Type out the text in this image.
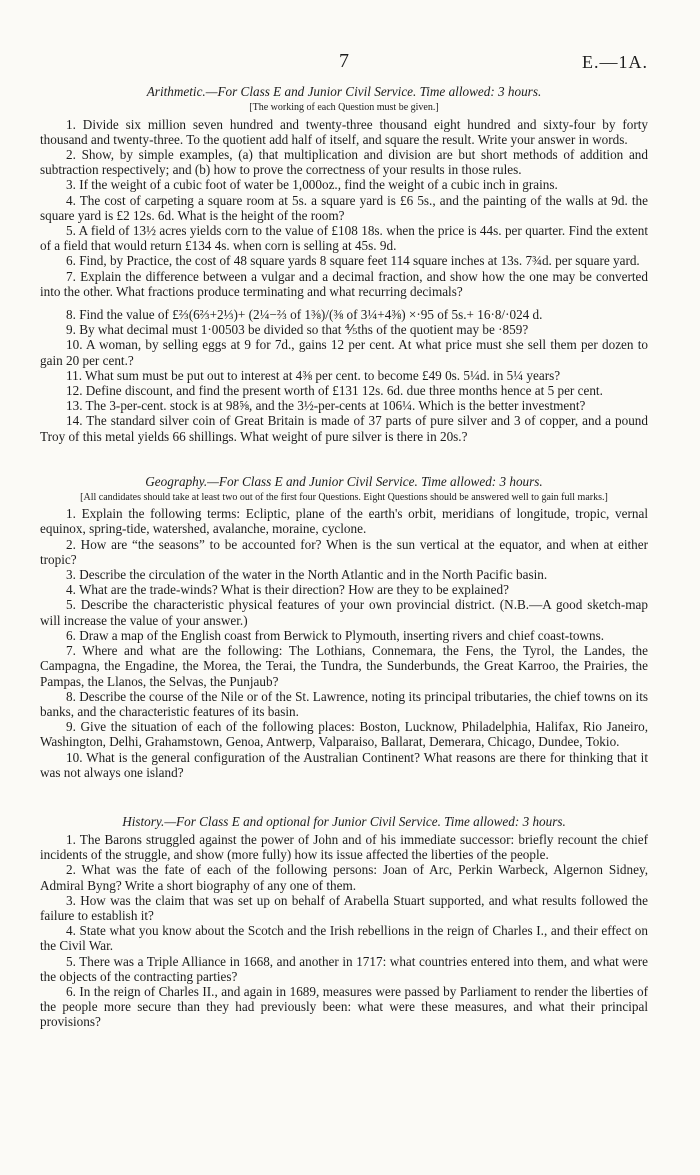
7	E.—1A.

Arithmetic.—For Class E and Junior Civil Service. Time allowed: 3 hours.

[The working of each Question must be given.]

1. Divide six million seven hundred and twenty-three thousand eight hundred and sixty-four by forty thousand and twenty-three. To the quotient add half of itself, and square the result. Write your answer in words.

2. Show, by simple examples, (a) that multiplication and division are but short methods of addition and subtraction respectively; and (b) how to prove the correctness of your results in those rules.

3. If the weight of a cubic foot of water be 1,000oz., find the weight of a cubic inch in grains.

4. The cost of carpeting a square room at 5s. a square yard is £6 5s., and the painting of the walls at 9d. the square yard is £2 12s. 6d. What is the height of the room?

5. A field of 13½ acres yields corn to the value of £108 18s. when the price is 44s. per quarter. Find the extent of a field that would return £134 4s. when corn is selling at 45s. 9d.

6. Find, by Practice, the cost of 48 square yards 8 square feet 114 square inches at 13s. 7¾d. per square yard.

7. Explain the difference between a vulgar and a decimal fraction, and show how the one may be converted into the other. What fractions produce terminating and what recurring decimals?

8. Find the value of £⅔(6⅔+2⅓)+ (2¼−⅔ of 1⅜)/(⅜ of 3¼+4⅜) ×·95 of 5s.+ 16·8/·024 d.

9. By what decimal must 1·00503 be divided so that ⅘ths of the quotient may be ·859?

10. A woman, by selling eggs at 9 for 7d., gains 12 per cent. At what price must she sell them per dozen to gain 20 per cent.?

11. What sum must be put out to interest at 4⅜ per cent. to become £49 0s. 5¼d. in 5¼ years?

12. Define discount, and find the present worth of £131 12s. 6d. due three months hence at 5 per cent.

13. The 3-per-cent. stock is at 98⅝, and the 3½-per-cents at 106¼. Which is the better investment?

14. The standard silver coin of Great Britain is made of 37 parts of pure silver and 3 of copper, and a pound Troy of this metal yields 66 shillings. What weight of pure silver is there in 20s.?

Geography.—For Class E and Junior Civil Service. Time allowed: 3 hours.

[All candidates should take at least two out of the first four Questions. Eight Questions should be answered well to gain full marks.]

1. Explain the following terms: Ecliptic, plane of the earth's orbit, meridians of longitude, tropic, vernal equinox, spring-tide, watershed, avalanche, moraine, cyclone.

2. How are “the seasons” to be accounted for? When is the sun vertical at the equator, and when at either tropic?

3. Describe the circulation of the water in the North Atlantic and in the North Pacific basin.

4. What are the trade-winds? What is their direction? How are they to be explained?

5. Describe the characteristic physical features of your own provincial district. (N.B.—A good sketch-map will increase the value of your answer.)

6. Draw a map of the English coast from Berwick to Plymouth, inserting rivers and chief coast-towns.

7. Where and what are the following: The Lothians, Connemara, the Fens, the Tyrol, the Landes, the Campagna, the Engadine, the Morea, the Terai, the Tundra, the Sunderbunds, the Great Karroo, the Prairies, the Pampas, the Llanos, the Selvas, the Punjaub?

8. Describe the course of the Nile or of the St. Lawrence, noting its principal tributaries, the chief towns on its banks, and the characteristic features of its basin.

9. Give the situation of each of the following places: Boston, Lucknow, Philadelphia, Halifax, Rio Janeiro, Washington, Delhi, Grahamstown, Genoa, Antwerp, Valparaiso, Ballarat, Demerara, Chicago, Dundee, Tokio.

10. What is the general configuration of the Australian Continent? What reasons are there for thinking that it was not always one island?

History.—For Class E and optional for Junior Civil Service. Time allowed: 3 hours.

1. The Barons struggled against the power of John and of his immediate successor: briefly recount the chief incidents of the struggle, and show (more fully) how its issue affected the liberties of the people.

2. What was the fate of each of the following persons: Joan of Arc, Perkin Warbeck, Algernon Sidney, Admiral Byng? Write a short biography of any one of them.

3. How was the claim that was set up on behalf of Arabella Stuart supported, and what results followed the failure to establish it?

4. State what you know about the Scotch and the Irish rebellions in the reign of Charles I., and their effect on the Civil War.

5. There was a Triple Alliance in 1668, and another in 1717: what countries entered into them, and what were the objects of the contracting parties?

6. In the reign of Charles II., and again in 1689, measures were passed by Parliament to render the liberties of the people more secure than they had previously been: what were these measures, and what their principal provisions?
